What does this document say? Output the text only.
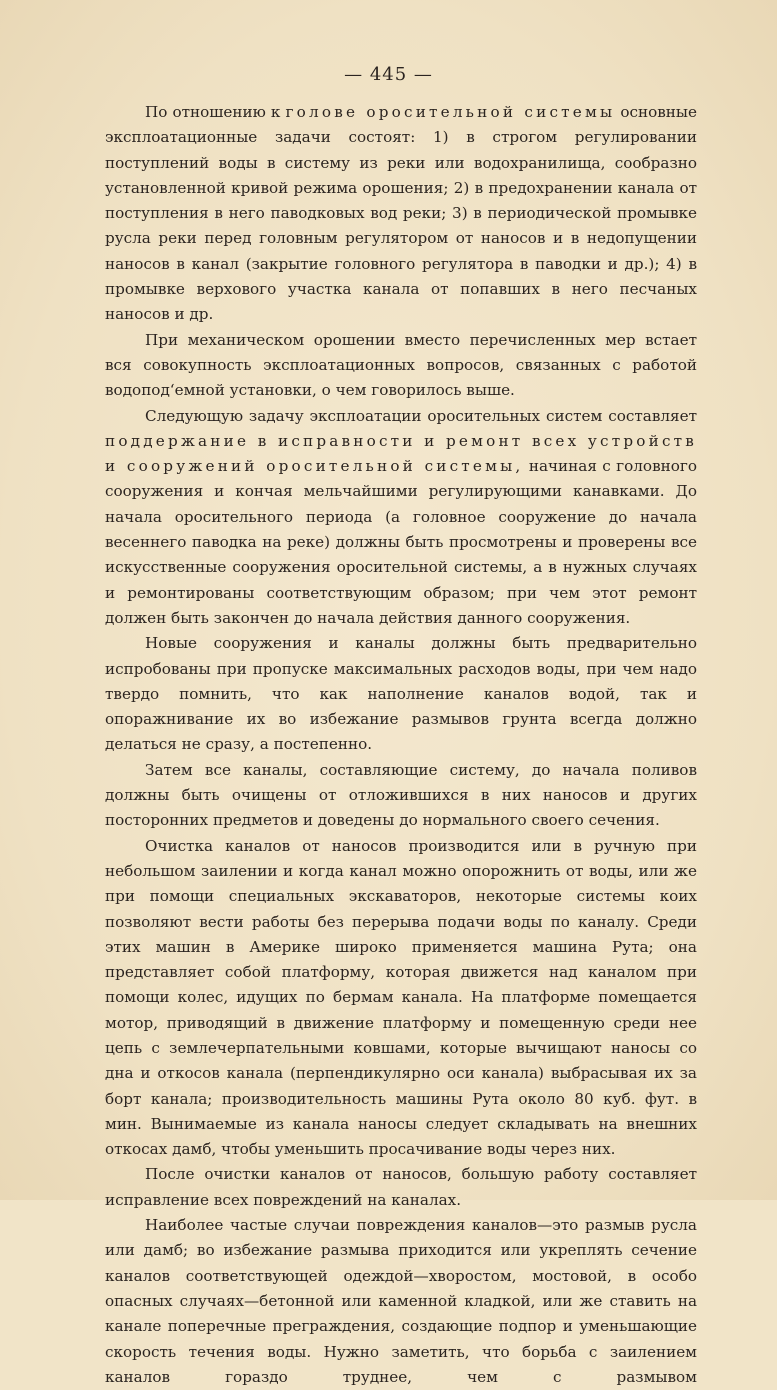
— 445 —

По отношению к голове оросительной системы основные эксплоатационные задачи состоят: 1) в строгом регулировании поступлений воды в систему из реки или водохранилища, сообразно установленной кривой режима орошения; 2) в предохранении канала от поступления в него паводковых вод реки; 3) в периодической промывке русла реки перед головным регулятором от наносов и в недопущении наносов в канал (закрытие головного регулятора в паводки и др.); 4) в промывке верхового участка канала от попавших в него песчаных наносов и др.

При механическом орошении вместо перечисленных мер встает вся совокупность эксплоатационных вопросов, связанных с работой водопод‘емной установки, о чем говорилось выше.

Следующую задачу эксплоатации оросительных систем составляет поддержание в исправности и ремонт всех устройств и сооружений оросительной системы, начиная с головного сооружения и кончая мельчайшими регулирующими канавками. До начала оросительного периода (а головное сооружение до начала весеннего паводка на реке) должны быть просмотрены и проверены все искусственные сооружения оросительной системы, а в нужных случаях и ремонтированы соответствующим образом; при чем этот ремонт должен быть закончен до начала действия данного сооружения.

Новые сооружения и каналы должны быть предварительно испробованы при пропуске максимальных расходов воды, при чем надо твердо помнить, что как наполнение каналов водой, так и опоражнивание их во избежание размывов грунта всегда должно делаться не сразу, а постепенно.

Затем все каналы, составляющие систему, до начала поливов должны быть очищены от отложившихся в них наносов и других посторонних предметов и доведены до нормального своего сечения.

Очистка каналов от наносов производится или в ручную при небольшом заилении и когда канал можно опорожнить от воды, или же при помощи специальных экскаваторов, некоторые системы коих позволяют вести работы без перерыва подачи воды по каналу. Среди этих машин в Америке широко применяется машина Рута; она представляет собой платформу, которая движется над каналом при помощи колес, идущих по бермам канала. На платформе помещается мотор, приводящий в движение платформу и помещенную среди нее цепь с землечерпательными ковшами, которые вычищают наносы со дна и откосов канала (перпендикулярно оси канала) выбрасывая их за борт канала; производительность машины Рута около 80 куб. фут. в мин. Вынимаемые из канала наносы следует складывать на внешних откосах дамб, чтобы уменьшить просачивание воды через них.

После очистки каналов от наносов, большую работу составляет исправление всех повреждений на каналах.

Наиболее частые случаи повреждения каналов—это размыв русла или дамб; во избежание размыва приходится или укреплять сечение каналов соответствующей одеждой—хворостом, мостовой, в особо опасных случаях—бетонной или каменной кладкой, или же ставить на канале поперечные преграждения, создающие подпор и уменьшающие скорость течения воды. Нужно заметить, что борьба с заилением каналов гораздо труднее, чем с размывом
